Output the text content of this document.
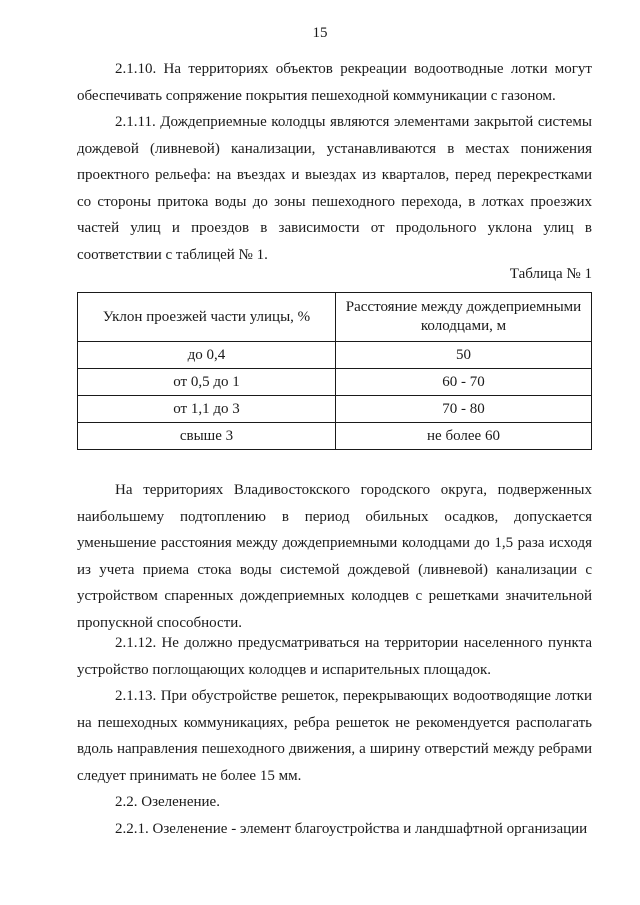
15

2.1.10. На территориях объектов рекреации водоотводные лотки могут обеспечивать сопряжение покрытия пешеходной коммуникации с газоном.

2.1.11. Дождеприемные колодцы являются элементами закрытой системы дождевой (ливневой) канализации, устанавливаются в местах понижения проектного рельефа: на въездах и выездах из кварталов, перед перекрестками со стороны притока воды до зоны пешеходного перехода, в лотках проезжих частей улиц и проездов в зависимости от продольного уклона улиц в соответствии с таблицей № 1.

Таблица № 1
Уклон проезжей части улицы, %	Расстояние между дождеприемными колодцами, м
до 0,4	50
от 0,5 до 1	60 - 70
от 1,1 до 3	70 - 80
свыше 3	не более 60

На территориях Владивостокского городского округа, подверженных наибольшему подтоплению в период обильных осадков, допускается уменьшение расстояния между дождеприемными колодцами до 1,5 раза исходя из учета приема стока воды системой дождевой (ливневой) канализации с устройством спаренных дождеприемных колодцев с решетками значительной пропускной способности.

2.1.12. Не должно предусматриваться на территории населенного пункта устройство поглощающих колодцев и испарительных площадок.

2.1.13. При обустройстве решеток, перекрывающих водоотводящие лотки на пешеходных коммуникациях, ребра решеток не рекомендуется располагать вдоль направления пешеходного движения, а ширину отверстий между ребрами следует принимать не более 15 мм.

2.2. Озеленение.

2.2.1. Озеленение - элемент благоустройства и ландшафтной организации
